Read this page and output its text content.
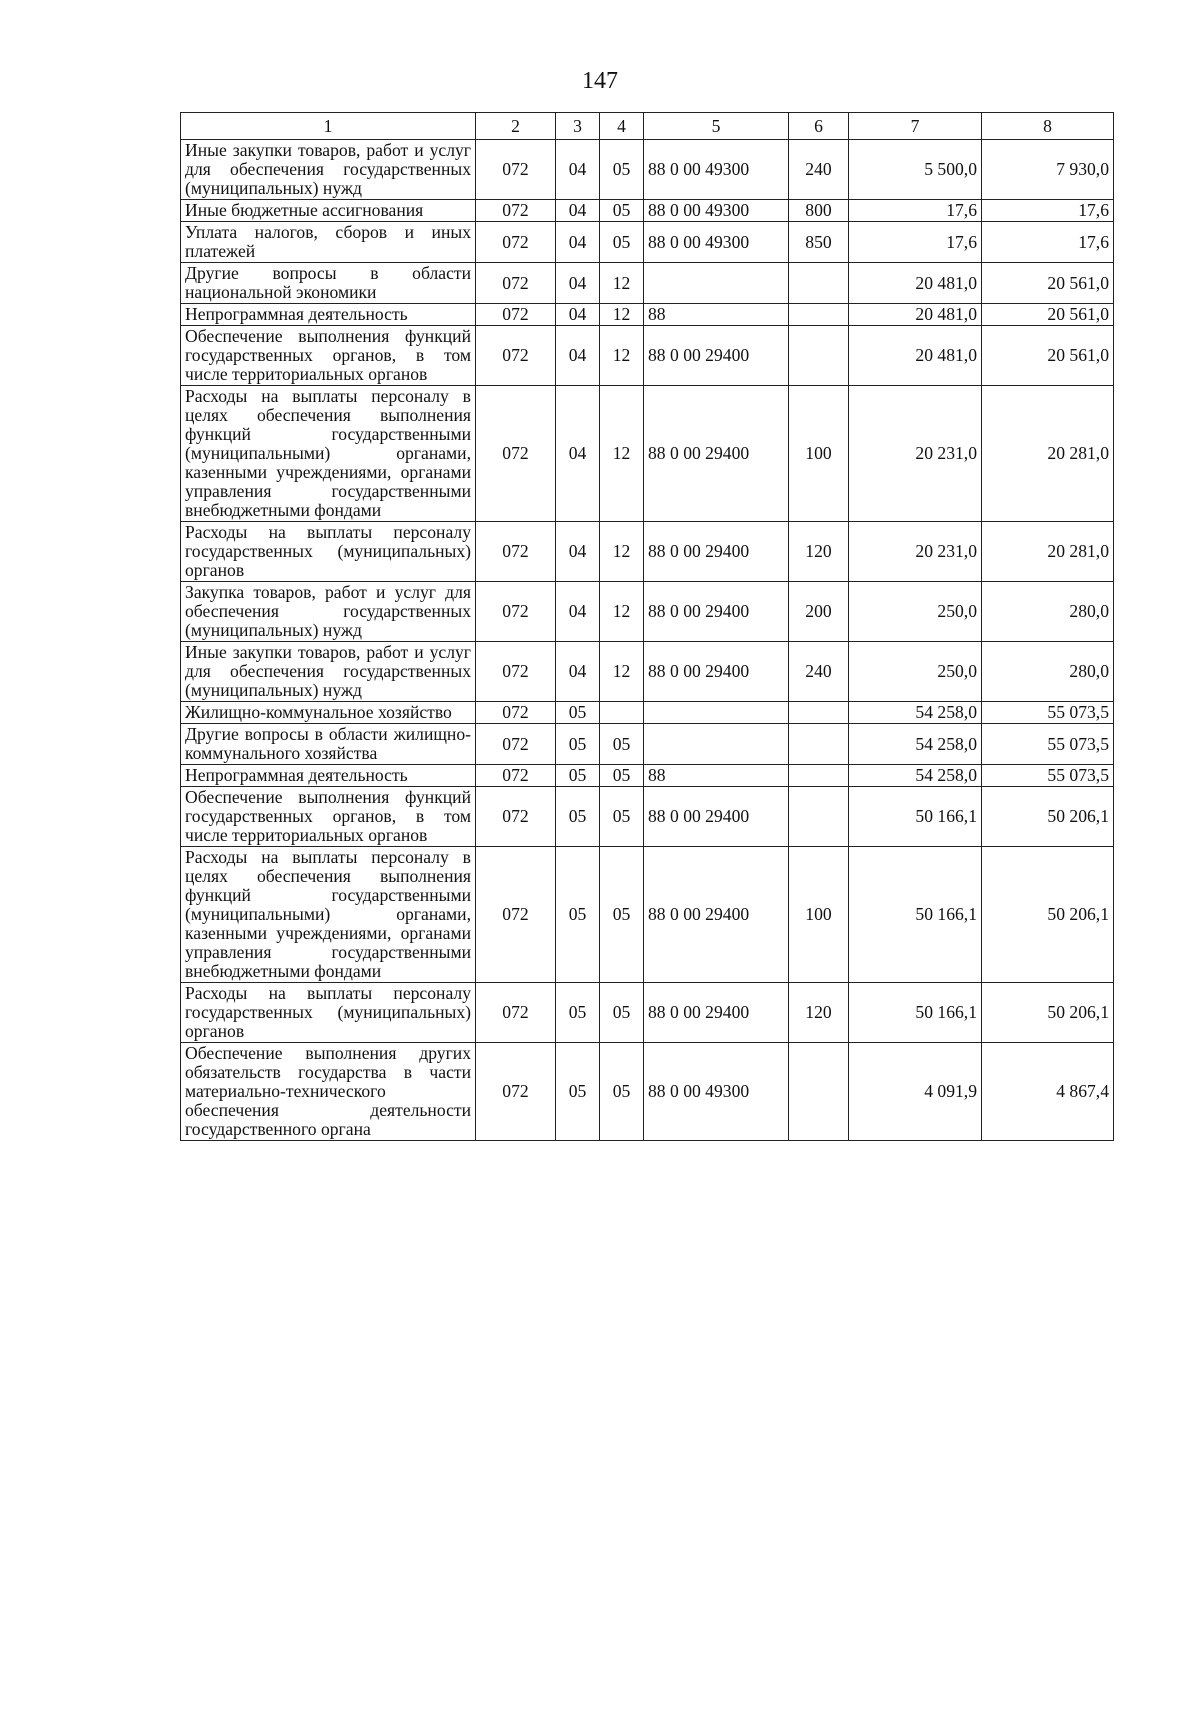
147
1	2	3	4	5	6	7	8
Иные закупки товаров, работ и услуг для обеспечения государственных (муниципальных) нужд	072	04	05	88 0 00 49300	240	5 500,0	7 930,0
Иные бюджетные ассигнования	072	04	05	88 0 00 49300	800	17,6	17,6
Уплата налогов, сборов и иных платежей	072	04	05	88 0 00 49300	850	17,6	17,6
Другие вопросы в области национальной экономики	072	04	12			20 481,0	20 561,0
Непрограммная деятельность	072	04	12	88		20 481,0	20 561,0
Обеспечение выполнения функций государственных органов, в том числе территориальных органов	072	04	12	88 0 00 29400		20 481,0	20 561,0
Расходы на выплаты персоналу в целях обеспечения выполнения функций государственными (муниципальными) органами, казенными учреждениями, органами управления государственными внебюджетными фондами	072	04	12	88 0 00 29400	100	20 231,0	20 281,0
Расходы на выплаты персоналу государственных (муниципальных) органов	072	04	12	88 0 00 29400	120	20 231,0	20 281,0
Закупка товаров, работ и услуг для обеспечения государственных (муниципальных) нужд	072	04	12	88 0 00 29400	200	250,0	280,0
Иные закупки товаров, работ и услуг для обеспечения государственных (муниципальных) нужд	072	04	12	88 0 00 29400	240	250,0	280,0
Жилищно-коммунальное хозяйство	072	05				54 258,0	55 073,5
Другие вопросы в области жилищно-коммунального хозяйства	072	05	05			54 258,0	55 073,5
Непрограммная деятельность	072	05	05	88		54 258,0	55 073,5
Обеспечение выполнения функций государственных органов, в том числе территориальных органов	072	05	05	88 0 00 29400		50 166,1	50 206,1
Расходы на выплаты персоналу в целях обеспечения выполнения функций государственными (муниципальными) органами, казенными учреждениями, органами управления государственными внебюджетными фондами	072	05	05	88 0 00 29400	100	50 166,1	50 206,1
Расходы на выплаты персоналу государственных (муниципальных) органов	072	05	05	88 0 00 29400	120	50 166,1	50 206,1
Обеспечение выполнения других обязательств государства в части материально-технического обеспечения деятельности государственного органа	072	05	05	88 0 00 49300		4 091,9	4 867,4
